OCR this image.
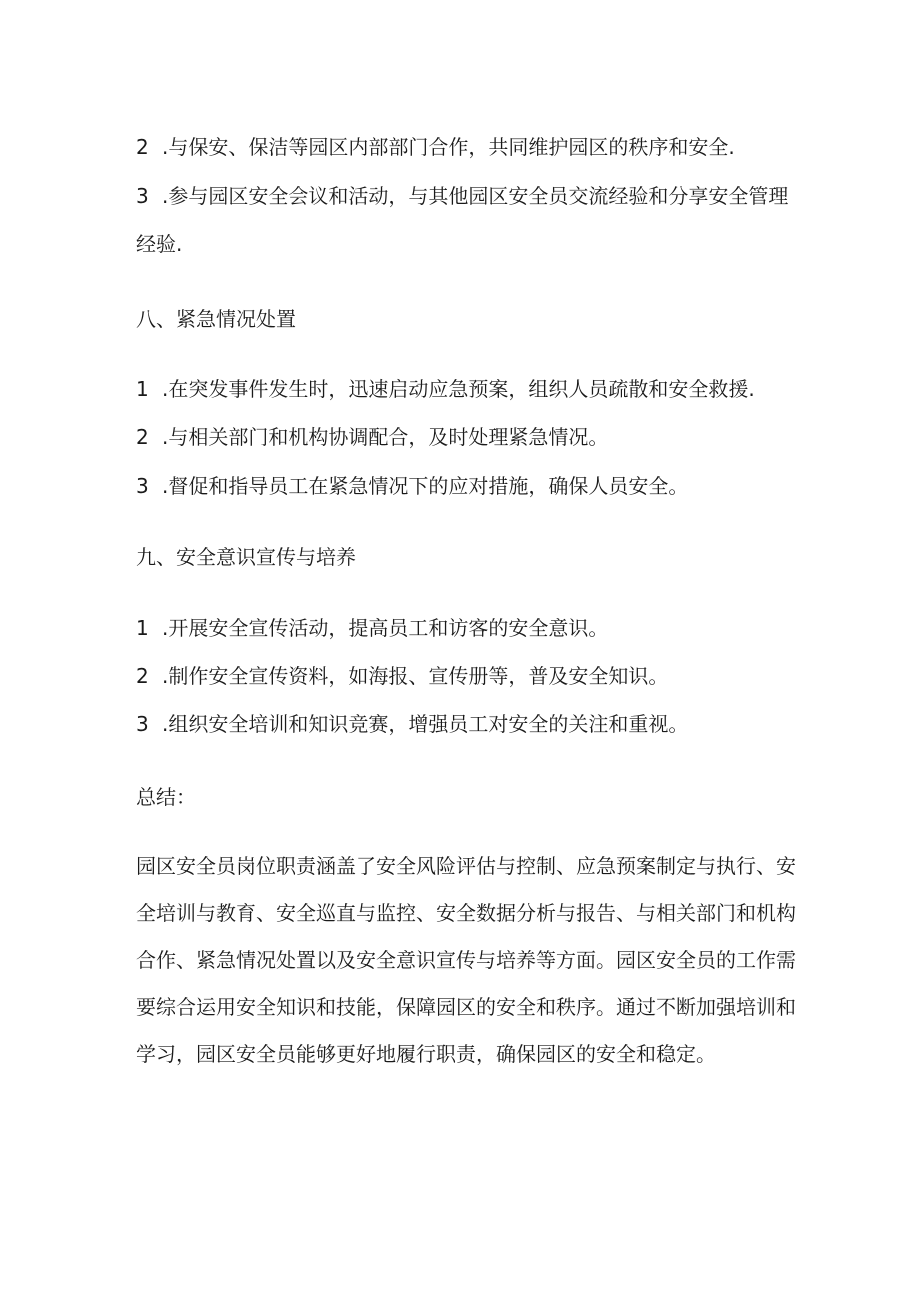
2 .与保安、保洁等园区内部部门合作，共同维护园区的秩序和安全.
3 .参与园区安全会议和活动，与其他园区安全员交流经验和分享安全管理
经验.
八、紧急情况处置
1 .在突发事件发生时，迅速启动应急预案，组织人员疏散和安全救援.
2 .与相关部门和机构协调配合，及时处理紧急情况。
3 .督促和指导员工在紧急情况下的应对措施，确保人员安全。
九、安全意识宣传与培养
1 .开展安全宣传活动，提高员工和访客的安全意识。
2 .制作安全宣传资料，如海报、宣传册等，普及安全知识。
3 .组织安全培训和知识竞赛，增强员工对安全的关注和重视。
总结：
园区安全员岗位职责涵盖了安全风险评估与控制、应急预案制定与执行、安全培训与教育、安全巡直与监控、安全数据分析与报告、与相关部门和机构合作、紧急情况处置以及安全意识宣传与培养等方面。园区安全员的工作需要综合运用安全知识和技能，保障园区的安全和秩序。通过不断加强培训和学习，园区安全员能够更好地履行职责，确保园区的安全和稳定。
